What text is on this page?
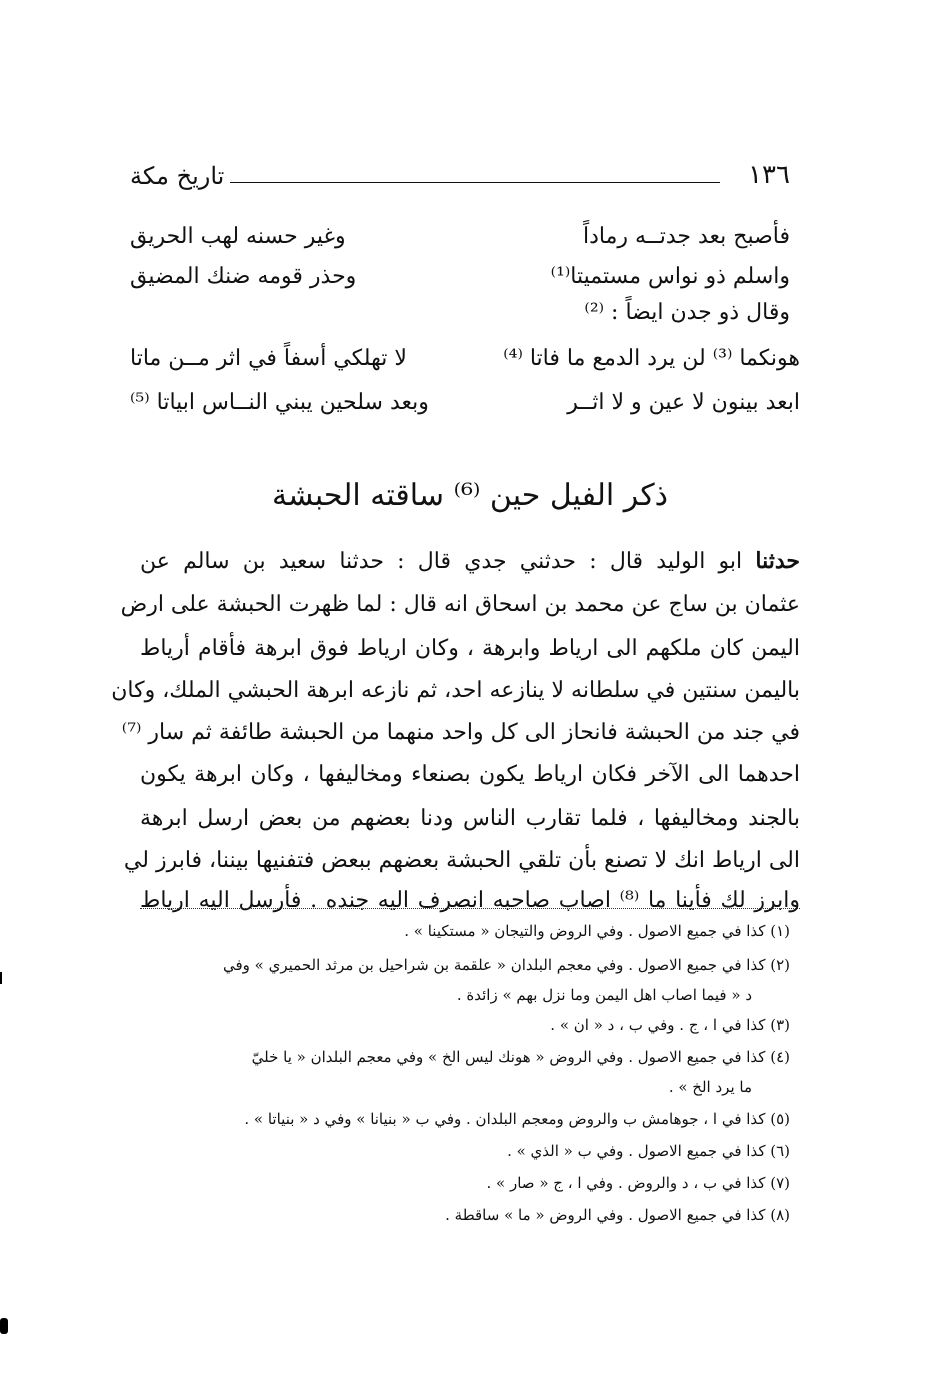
١٣٦
تاريخ مكة
فأصبح بعد جدتــه رماداً
وغير حسنه لهب الحريق
واسلم ذو نواس مستميتا⁽¹⁾
وحذر قومه ضنك المضيق
وقال ذو جدن ايضاً : ⁽²⁾
هونكما ⁽³⁾ لن يرد الدمع ما فاتا ⁽⁴⁾
لا تهلكي أسفاً في اثر مــن ماتا
ابعد بينون لا عين و لا اثــر
وبعد سلحين يبني النــاس ابياتا ⁽⁵⁾
ذكر الفيل حين ⁽⁶⁾ ساقته الحبشة
حدثنا ابو الوليد قال : حدثني جدي قال : حدثنا سعيد بن سالم عن
عثمان بن ساج عن محمد بن اسحاق انه قال : لما ظهرت الحبشة على ارض
اليمن كان ملكهم الى ارياط وابرهة ، وكان ارياط فوق ابرهة فأقام أرياط
باليمن سنتين في سلطانه لا ينازعه احد، ثم نازعه ابرهة الحبشي الملك، وكان
في جند من الحبشة فانحاز الى كل واحد منهما من الحبشة طائفة ثم سار ⁽⁷⁾
احدهما الى الآخر فكان ارياط يكون بصنعاء ومخاليفها ، وكان ابرهة يكون
بالجند ومخاليفها ، فلما تقارب الناس ودنا بعضهم من بعض ارسل ابرهة
الى ارياط انك لا تصنع بأن تلقي الحبشة بعضهم ببعض فتفنيها بيننا، فابرز لي
وابرز لك فأينا ما ⁽⁸⁾ اصاب صاحبه انصرف اليه جنده . فأرسل اليه ارياط
(١) كذا في جميع الاصول . وفي الروض والتيجان « مستكينا » .
(٢) كذا في جميع الاصول . وفي معجم البلدان « علقمة بن شراحيل بن مرثد الحميري » وفي
د « فيما اصاب اهل اليمن وما نزل بهم » زائدة .
(٣) كذا في ا ، ج . وفي ب ، د « ان » .
(٤) كذا في جميع الاصول . وفي الروض « هونك ليس الخ » وفي معجم البلدان « يا خليّ
ما يرد الخ » .
(٥) كذا في ا ، جوهامش ب والروض ومعجم البلدان . وفي ب « بنيانا » وفي د « بنياتا » .
(٦) كذا في جميع الاصول . وفي ب « الذي » .
(٧) كذا في ب ، د والروض . وفي ا ، ج « صار » .
(٨) كذا في جميع الاصول . وفي الروض « ما » ساقطة .
